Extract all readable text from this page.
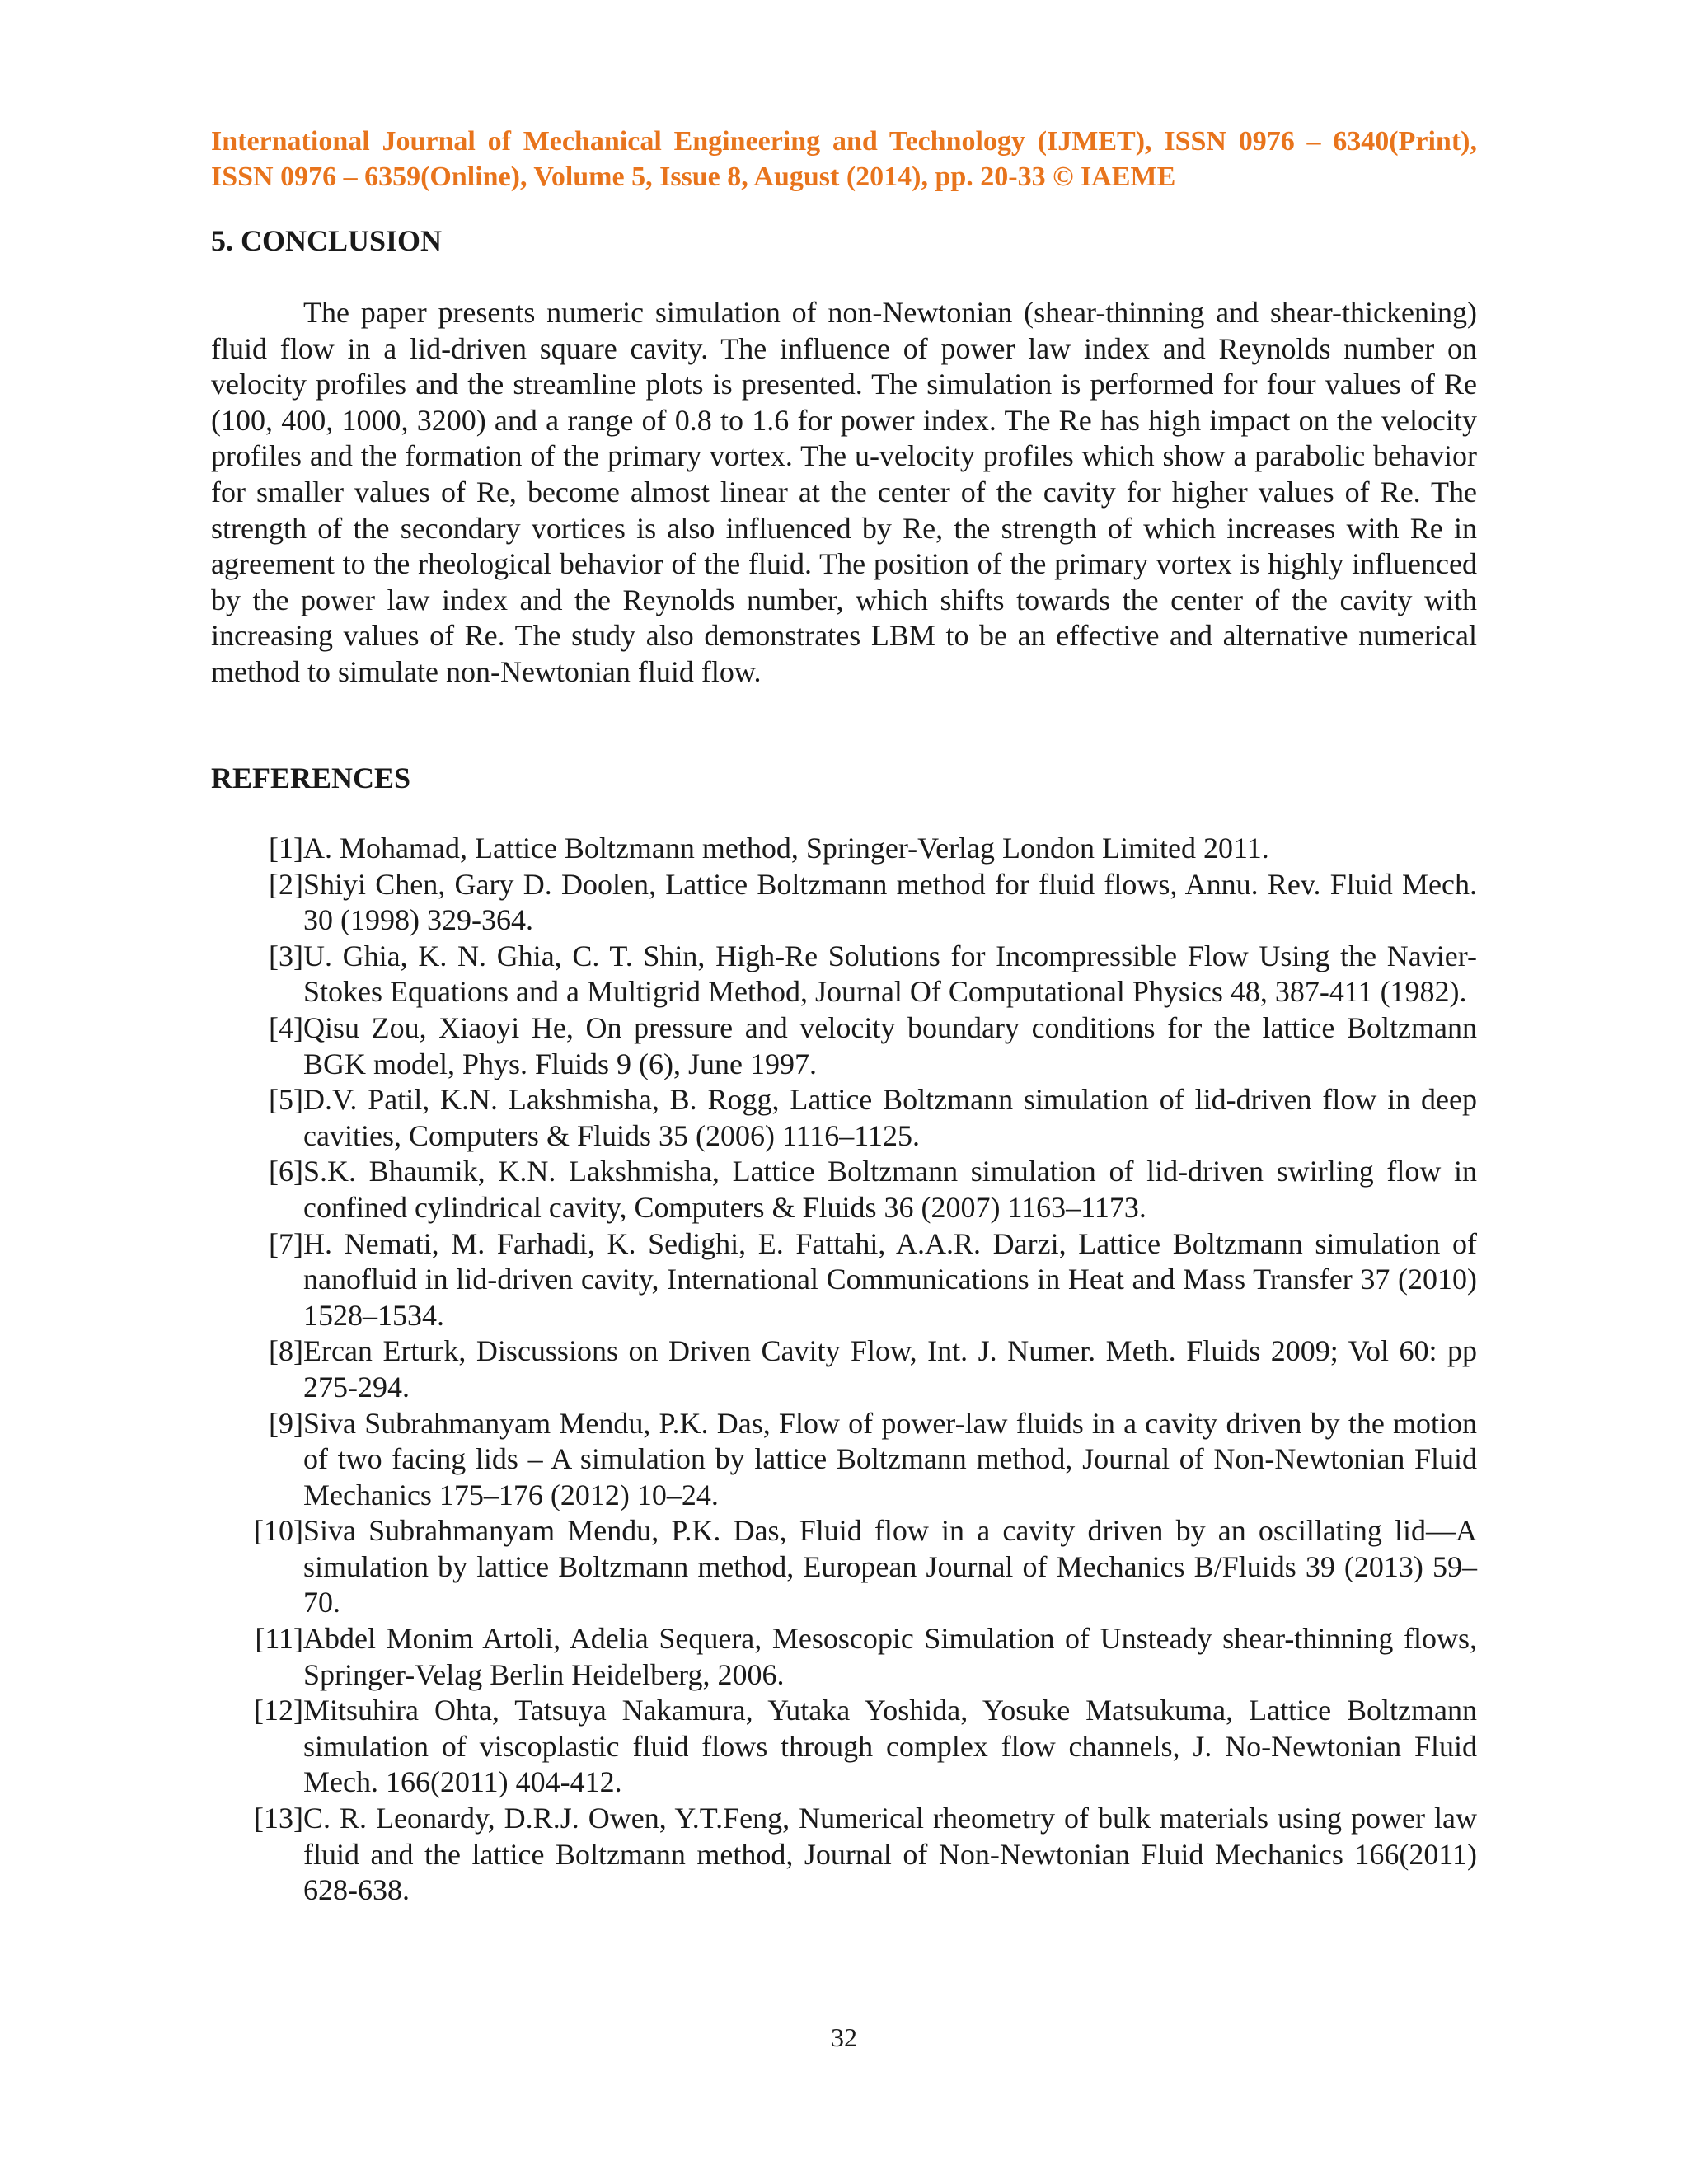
International Journal of Mechanical Engineering and Technology (IJMET), ISSN 0976 – 6340(Print),
ISSN 0976 – 6359(Online), Volume 5, Issue 8, August (2014), pp. 20-33 © IAEME
5. CONCLUSION

The paper presents numeric simulation of non-Newtonian (shear-thinning and shear-thickening) fluid flow in a lid-driven square cavity. The influence of power law index and Reynolds number on velocity profiles and the streamline plots is presented. The simulation is performed for four values of Re (100, 400, 1000, 3200) and a range of 0.8 to 1.6 for power index. The Re has high impact on the velocity profiles and the formation of the primary vortex. The u-velocity profiles which show a parabolic behavior for smaller values of Re, become almost linear at the center of the cavity for higher values of Re. The strength of the secondary vortices is also influenced by Re, the strength of which increases with Re in agreement to the rheological behavior of the fluid. The position of the primary vortex is highly influenced by the power law index and the Reynolds number, which shifts towards the center of the cavity with increasing values of Re. The study also demonstrates LBM to be an effective and alternative numerical method to simulate non-Newtonian fluid flow.

REFERENCES
[1] A. Mohamad, Lattice Boltzmann method, Springer-Verlag London Limited 2011.
[2] Shiyi Chen, Gary D. Doolen, Lattice Boltzmann method for fluid flows, Annu. Rev. Fluid Mech. 30 (1998) 329-364.
[3] U. Ghia, K. N. Ghia, C. T. Shin, High-Re Solutions for Incompressible Flow Using the Navier-Stokes Equations and a Multigrid Method, Journal Of Computational Physics 48, 387-411 (1982).
[4] Qisu Zou, Xiaoyi He, On pressure and velocity boundary conditions for the lattice Boltzmann BGK model, Phys. Fluids 9 (6), June 1997.
[5] D.V. Patil, K.N. Lakshmisha, B. Rogg, Lattice Boltzmann simulation of lid-driven flow in deep cavities, Computers & Fluids 35 (2006) 1116–1125.
[6] S.K. Bhaumik, K.N. Lakshmisha, Lattice Boltzmann simulation of lid-driven swirling flow in confined cylindrical cavity, Computers & Fluids 36 (2007) 1163–1173.
[7] H. Nemati, M. Farhadi, K. Sedighi, E. Fattahi, A.A.R. Darzi, Lattice Boltzmann simulation of nanofluid in lid-driven cavity, International Communications in Heat and Mass Transfer 37 (2010) 1528–1534.
[8] Ercan Erturk, Discussions on Driven Cavity Flow, Int. J. Numer. Meth. Fluids 2009; Vol 60: pp 275-294.
[9] Siva Subrahmanyam Mendu, P.K. Das, Flow of power-law fluids in a cavity driven by the motion of two facing lids – A simulation by lattice Boltzmann method, Journal of Non-Newtonian Fluid Mechanics 175–176 (2012) 10–24.
[10] Siva Subrahmanyam Mendu, P.K. Das, Fluid flow in a cavity driven by an oscillating lid—A simulation by lattice Boltzmann method, European Journal of Mechanics B/Fluids 39 (2013) 59–70.
[11] Abdel Monim Artoli, Adelia Sequera, Mesoscopic Simulation of Unsteady shear-thinning flows, Springer-Velag Berlin Heidelberg, 2006.
[12] Mitsuhira Ohta, Tatsuya Nakamura, Yutaka Yoshida, Yosuke Matsukuma, Lattice Boltzmann simulation of viscoplastic fluid flows through complex flow channels, J. No-Newtonian Fluid Mech. 166(2011) 404-412.
[13] C. R. Leonardy, D.R.J. Owen, Y.T.Feng, Numerical rheometry of bulk materials using power law fluid and the lattice Boltzmann method, Journal of Non-Newtonian Fluid Mechanics 166(2011) 628-638.
32
